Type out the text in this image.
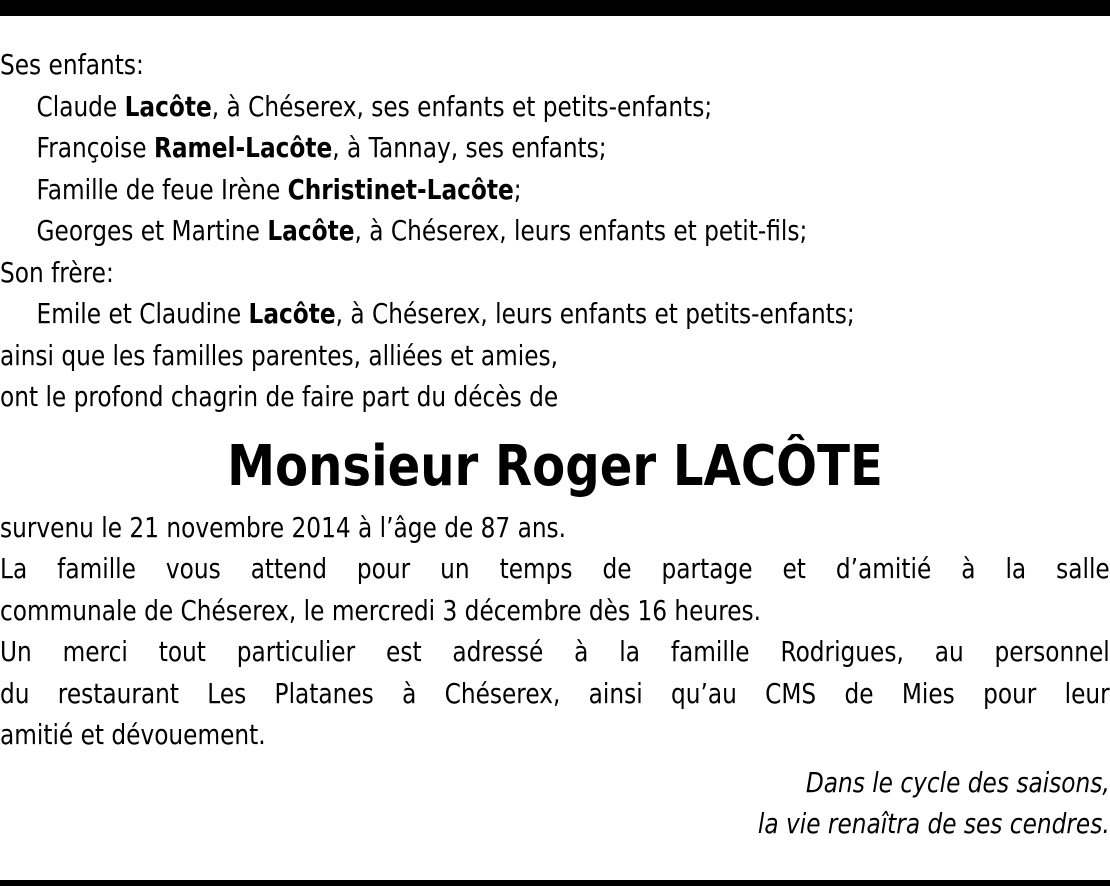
Ses enfants:
Claude Lacôte, à Chéserex, ses enfants et petits-enfants;
Françoise Ramel-Lacôte, à Tannay, ses enfants;
Famille de feue Irène Christinet-Lacôte;
Georges et Martine Lacôte, à Chéserex, leurs enfants et petit-fils;
Son frère:
Emile et Claudine Lacôte, à Chéserex, leurs enfants et petits-enfants;
ainsi que les familles parentes, alliées et amies,
ont le profond chagrin de faire part du décès de
Monsieur Roger LACÔTE
survenu le 21 novembre 2014 à l’âge de 87 ans.
La famille vous attend pour un temps de partage et d’amitié à la salle
communale de Chéserex, le mercredi 3 décembre dès 16 heures.
Un merci tout particulier est adressé à la famille Rodrigues, au personnel
du restaurant Les Platanes à Chéserex, ainsi qu’au CMS de Mies pour leur
amitié et dévouement.
Dans le cycle des saisons,
la vie renaîtra de ses cendres.
